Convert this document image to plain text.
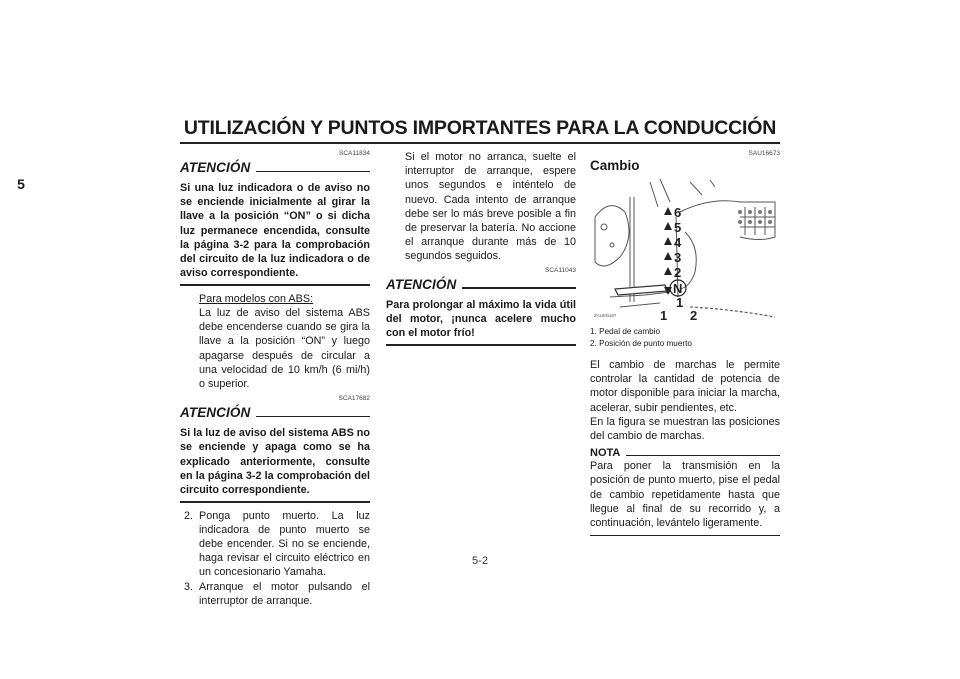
UTILIZACIÓN Y PUNTOS IMPORTANTES PARA LA CONDUCCIÓN
5
SCA11834
ATENCIÓN
Si una luz indicadora o de aviso no se enciende inicialmente al girar la llave a la posición “ON” o si dicha luz permanece encendida, consulte la página 3-2 para la comprobación del circuito de la luz indicadora o de aviso correspondiente.
Para modelos con ABS:
La luz de aviso del sistema ABS debe encenderse cuando se gira la llave a la posición “ON” y luego apagarse después de circular a una velocidad de 10 km/h (6 mi/h) o superior.
SCA17682
ATENCIÓN
Si la luz de aviso del sistema ABS no se enciende y apaga como se ha explicado anteriormente, consulte en la página 3-2 la comprobación del circuito correspondiente.
2. Ponga punto muerto. La luz indicadora de punto muerto se debe encender. Si no se enciende, haga revisar el circuito eléctrico en un concesionario Yamaha.
3. Arranque el motor pulsando el interruptor de arranque.
Si el motor no arranca, suelte el interruptor de arranque, espere unos segundos e inténtelo de nuevo. Cada intento de arranque debe ser lo más breve posible a fin de preservar la batería. No accione el arranque durante más de 10 segundos seguidos.
SCA11043
ATENCIÓN
Para prolongar al máximo la vida útil del motor, ¡nunca acelere mucho con el motor frío!
SAU16673
Cambio
6
5
4
3
2
N
1
1 2
ZAUM1187
1. Pedal de cambio
2. Posición de punto muerto
El cambio de marchas le permite controlar la cantidad de potencia de motor disponible para iniciar la marcha, acelerar, subir pendientes, etc.
En la figura se muestran las posiciones del cambio de marchas.
NOTA
Para poner la transmisión en la posición de punto muerto, pise el pedal de cambio repetidamente hasta que llegue al final de su recorrido y, a continuación, levántelo ligeramente.
5-2
